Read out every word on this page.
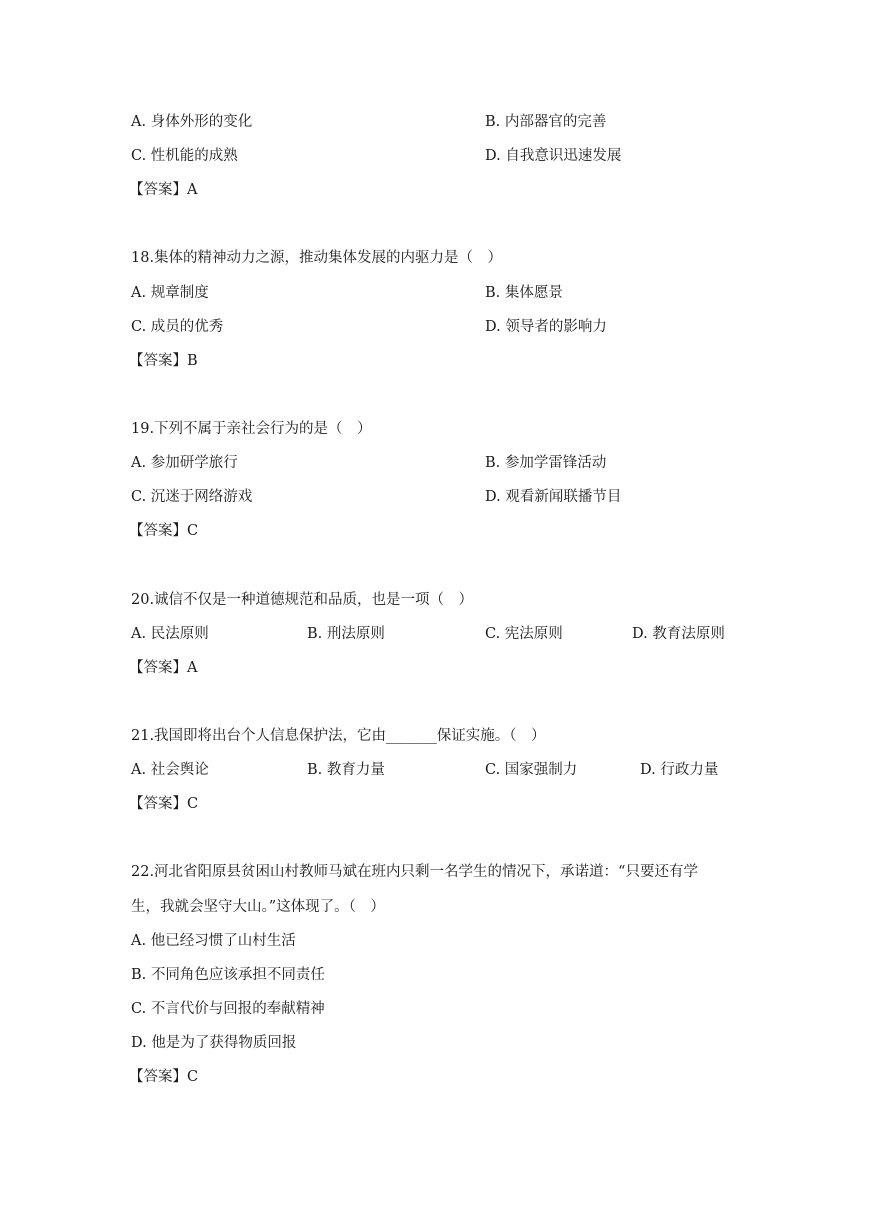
A. 身体外形的变化	B. 内部器官的完善
C. 性机能的成熟	D. 自我意识迅速发展
【答案】A
18.集体的精神动力之源，推动集体发展的内驱力是（　）
A. 规章制度	B. 集体愿景
C. 成员的优秀	D. 领导者的影响力
【答案】B
19.下列不属于亲社会行为的是（　）
A. 参加研学旅行	B. 参加学雷锋活动
C. 沉迷于网络游戏	D. 观看新闻联播节目
【答案】C
20.诚信不仅是一种道德规范和品质，也是一项（　）
A. 民法原则	B. 刑法原则	C. 宪法原则	D. 教育法原则
【答案】A
21.我国即将出台个人信息保护法，它由_______保证实施。（　）
A. 社会舆论	B. 教育力量	C. 国家强制力	D. 行政力量
【答案】C
22.河北省阳原县贫困山村教师马斌在班内只剩一名学生的情况下，承诺道：“只要还有学
生，我就会坚守大山。”这体现了。（　）
A. 他已经习惯了山村生活
B. 不同角色应该承担不同责任
C. 不言代价与回报的奉献精神
D. 他是为了获得物质回报
【答案】C
